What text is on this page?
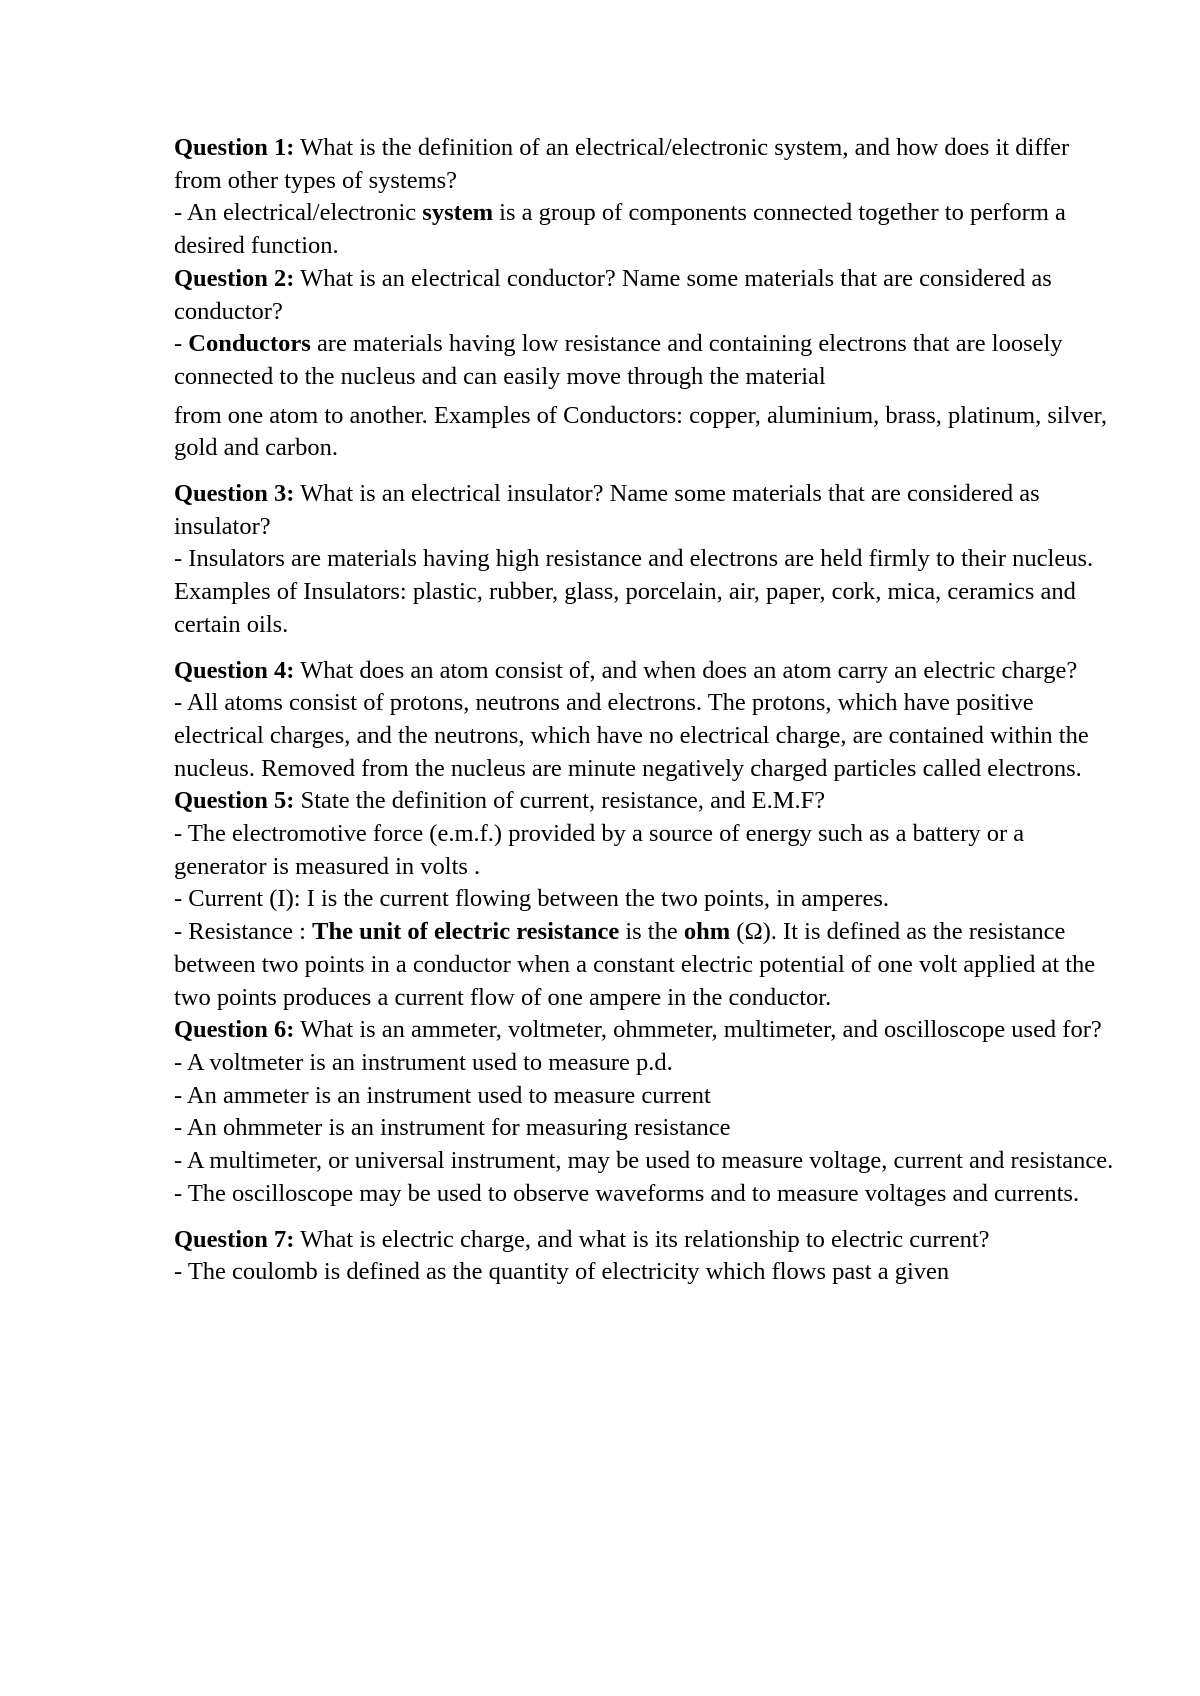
Question 1: What is the definition of an electrical/electronic system, and how does it differ from other types of systems?
- An electrical/electronic system is a group of components connected together to perform a desired function.
Question 2: What is an electrical conductor? Name some materials that are considered as conductor?
- Conductors are materials having low resistance and containing electrons that are loosely connected to the nucleus and can easily move through the material
from one atom to another. Examples of Conductors: copper, aluminium, brass, platinum, silver, gold and carbon.
Question 3: What is an electrical insulator? Name some materials that are considered as insulator?
- Insulators are materials having high resistance and electrons are held firmly to their nucleus. Examples of Insulators: plastic, rubber, glass, porcelain, air, paper, cork, mica, ceramics and certain oils.
Question 4: What does an atom consist of, and when does an atom carry an electric charge?
- All atoms consist of protons, neutrons and electrons. The protons, which have positive electrical charges, and the neutrons, which have no electrical charge, are contained within the nucleus. Removed from the nucleus are minute negatively charged particles called electrons.
Question 5: State the definition of current, resistance, and E.M.F?
- The electromotive force (e.m.f.) provided by a source of energy such as a battery or a generator is measured in volts .
- Current (I): I is the current flowing between the two points, in amperes.
- Resistance : The unit of electric resistance is the ohm (Ω). It is defined as the resistance between two points in a conductor when a constant electric potential of one volt applied at the two points produces a current flow of one ampere in the conductor.
Question 6: What is an ammeter, voltmeter, ohmmeter, multimeter, and oscilloscope used for?
- A voltmeter is an instrument used to measure p.d.
- An ammeter is an instrument used to measure current
- An ohmmeter is an instrument for measuring resistance
- A multimeter, or universal instrument, may be used to measure voltage, current and resistance.
- The oscilloscope may be used to observe waveforms and to measure voltages and currents.
Question 7: What is electric charge, and what is its relationship to electric current?
- The coulomb is defined as the quantity of electricity which flows past a given
